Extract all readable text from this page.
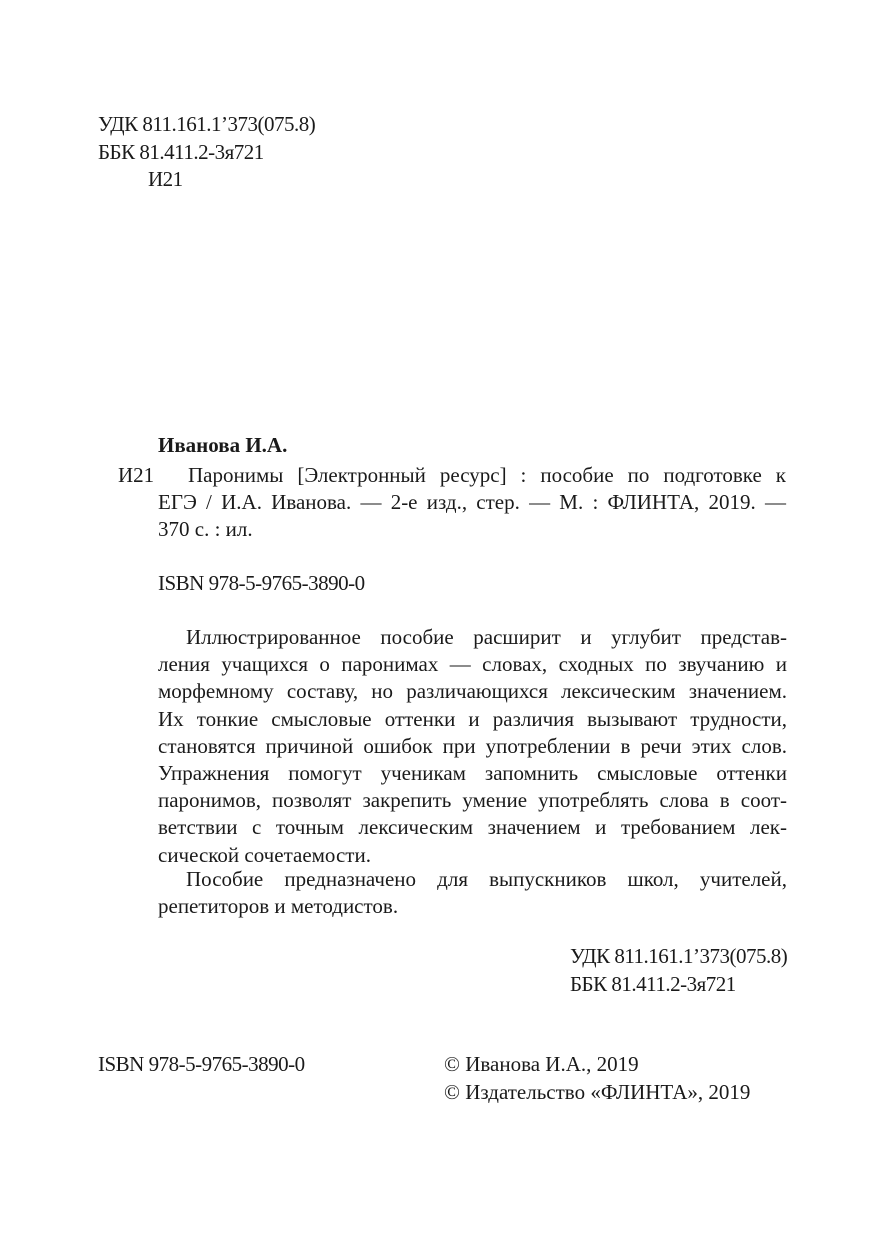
УДК 811.161.1’373(075.8)
ББК 81.411.2-3я721
И21
Иванова И.А.
И21	Паронимы [Электронный ресурс] : пособие по подготовке к
ЕГЭ / И.А. Иванова. — 2-е изд., стер. — М. : ФЛИНТА, 2019. —
370 с. : ил.
ISBN 978-5-9765-3890-0
Иллюстрированное пособие расширит и углубит представ-
ления учащихся о паронимах — словах, сходных по звучанию и
морфемному составу, но различающихся лексическим значением.
Их тонкие смысловые оттенки и различия вызывают трудности,
становятся причиной ошибок при употреблении в речи этих слов.
Упражнения помогут ученикам запомнить смысловые оттенки
паронимов, позволят закрепить умение употреблять слова в соот-
ветствии с точным лексическим значением и требованием лек-
сической сочетаемости.
Пособие предназначено для выпускников школ, учителей,
репетиторов и методистов.
УДК 811.161.1’373(075.8)
ББК 81.411.2-3я721
ISBN 978-5-9765-3890-0	© Иванова И.А., 2019
© Издательство «ФЛИНТА», 2019
